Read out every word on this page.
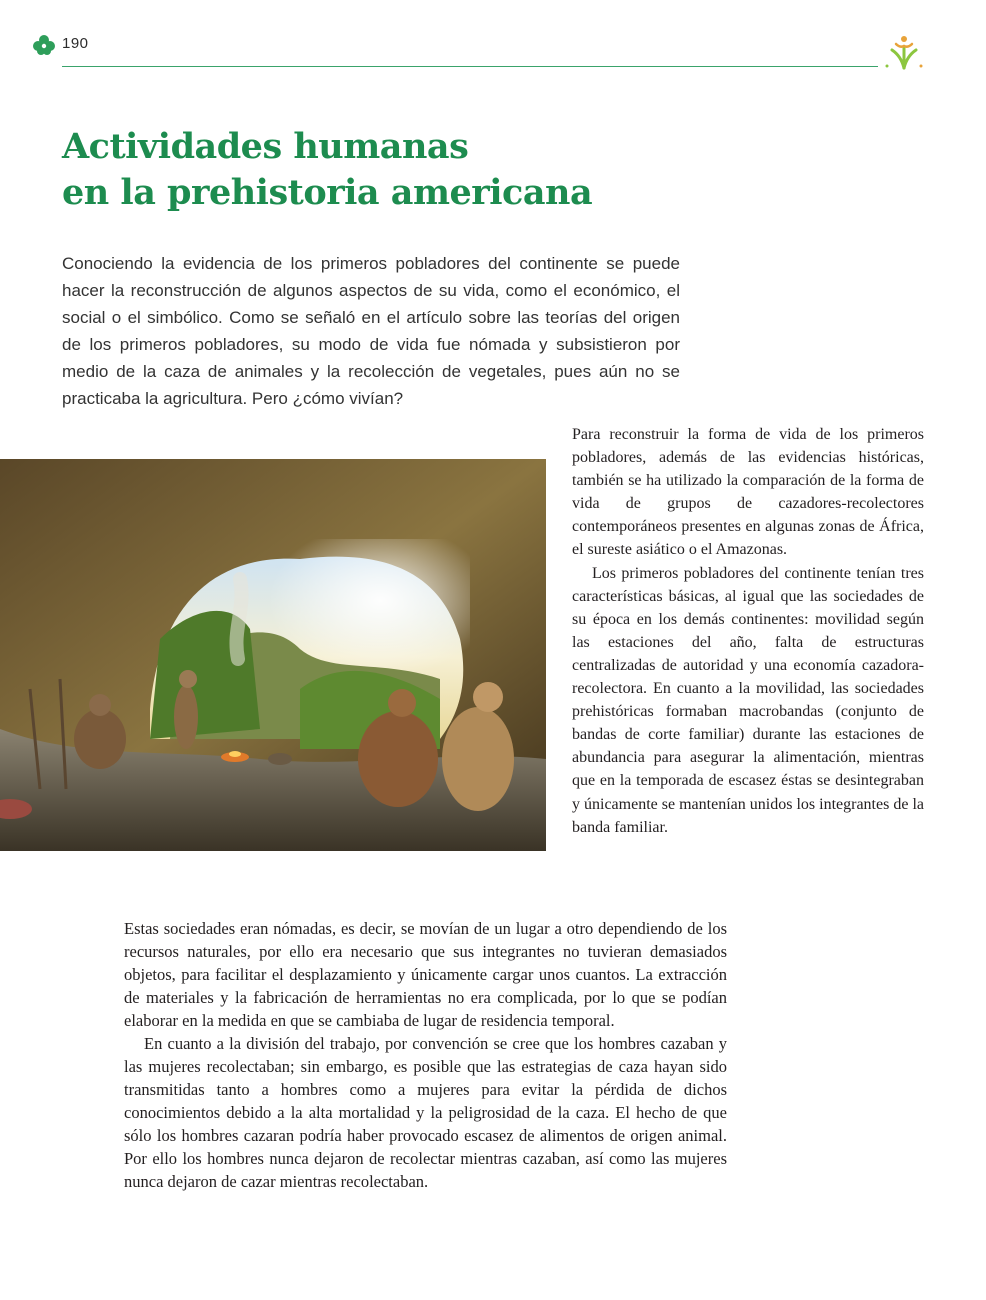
190
Actividades humanas
en la prehistoria americana

Conociendo la evidencia de los primeros pobladores del continente se puede hacer la reconstrucción de algunos aspectos de su vida, como el económico, el social o el simbólico. Como se señaló en el artículo sobre las teorías del origen de los primeros pobladores, su modo de vida fue nómada y subsistieron por medio de la caza de animales y la recolección de vegetales, pues aún no se practicaba la agricultura. Pero ¿cómo vivían?

Para reconstruir la forma de vida de los primeros pobladores, además de las evidencias históricas, también se ha utilizado la comparación de la forma de vida de grupos de cazadores-recolectores contemporáneos presentes en algunas zonas de África, el sureste asiático o el Amazonas.

Los primeros pobladores del continente tenían tres características básicas, al igual que las sociedades de su época en los demás continentes: movilidad según las estaciones del año, falta de estructuras centralizadas de autoridad y una economía cazadora-recolectora. En cuanto a la movilidad, las sociedades prehistóricas formaban macrobandas (conjunto de bandas de corte familiar) durante las estaciones de abundancia para asegurar la alimentación, mientras que en la temporada de escasez éstas se desintegraban y únicamente se mantenían unidos los integrantes de la banda familiar.

Estas sociedades eran nómadas, es decir, se movían de un lugar a otro dependiendo de los recursos naturales, por ello era necesario que sus integrantes no tuvieran demasiados objetos, para facilitar el desplazamiento y únicamente cargar unos cuantos. La extracción de materiales y la fabricación de herramientas no era complicada, por lo que se podían elaborar en la medida en que se cambiaba de lugar de residencia temporal.

En cuanto a la división del trabajo, por convención se cree que los hombres cazaban y las mujeres recolectaban; sin embargo, es posible que las estrategias de caza hayan sido transmitidas tanto a hombres como a mujeres para evitar la pérdida de dichos conocimientos debido a la alta mortalidad y la peligrosidad de la caza. El hecho de que sólo los hombres cazaran podría haber provocado escasez de alimentos de origen animal. Por ello los hombres nunca dejaron de recolectar mientras cazaban, así como las mujeres nunca dejaron de cazar mientras recolectaban.
